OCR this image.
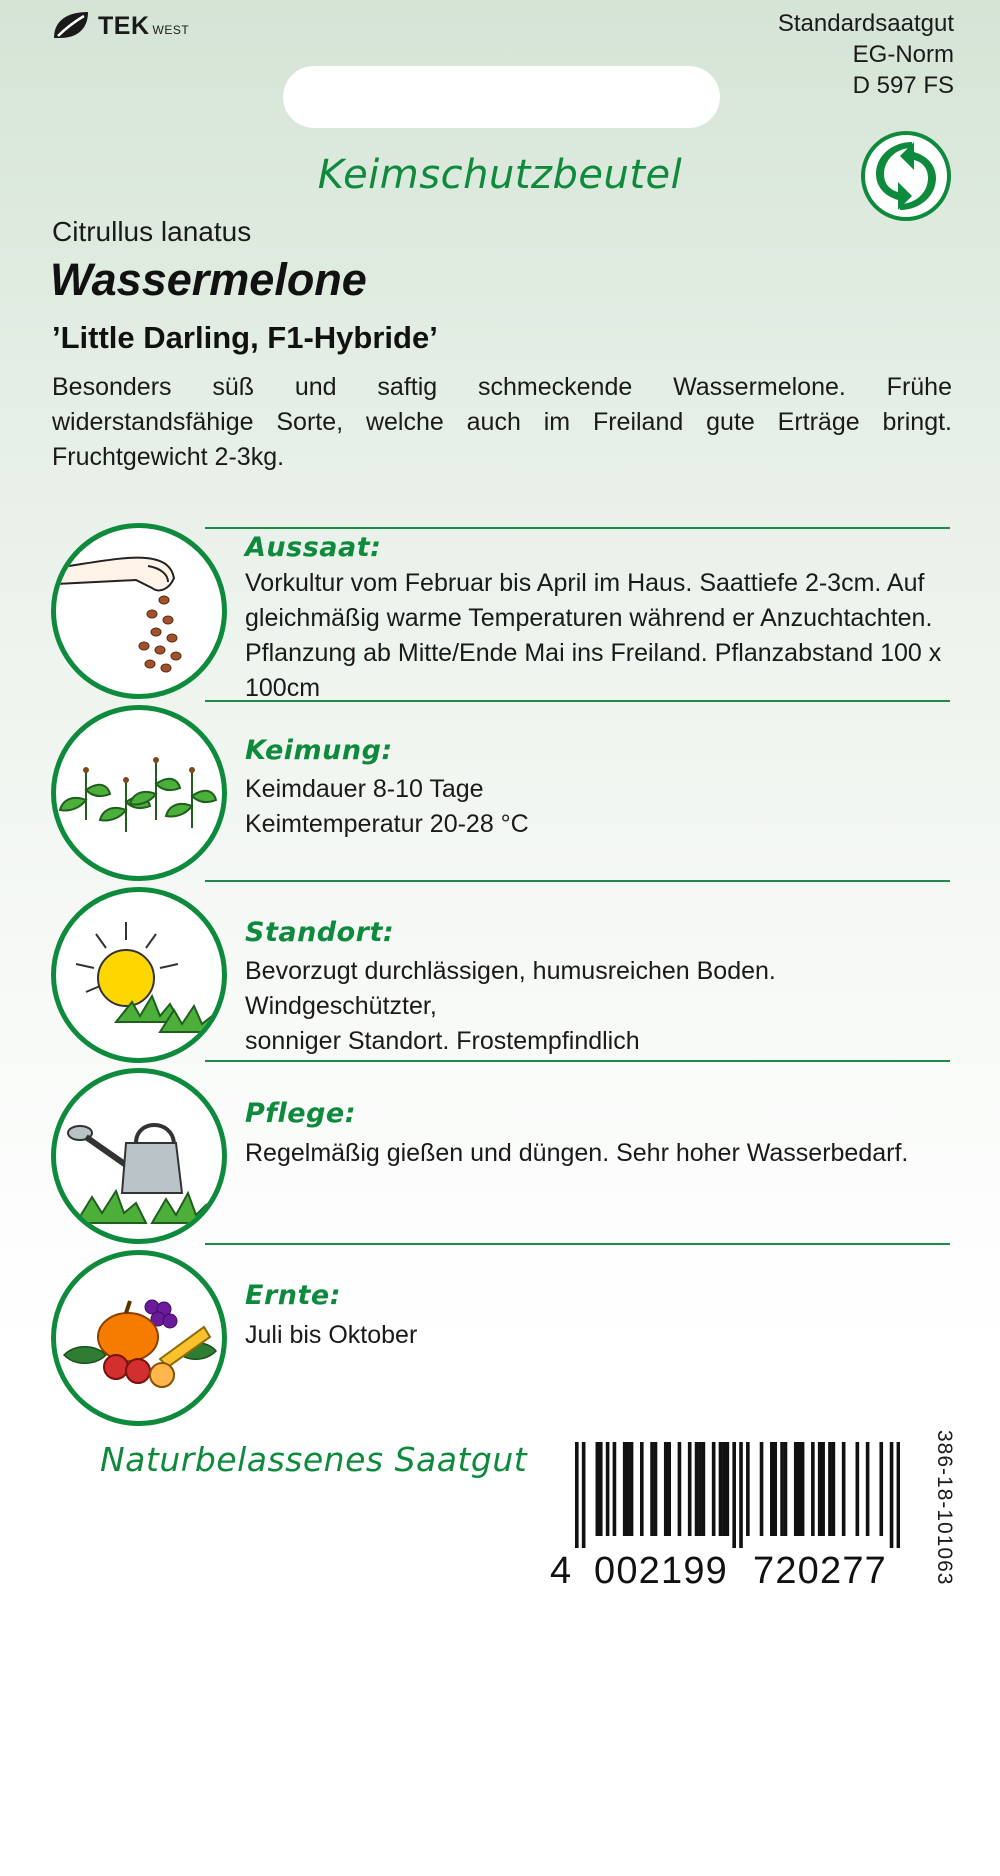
TEK WEST	Standardsaatgut
EG-Norm
D 597 FS
Keimschutzbeutel
Citrullus lanatus
Wassermelone
’Little Darling, F1-Hybride’
Besonders süß und saftig schmeckende Wassermelone. Frühe widerstandsfähige Sorte, welche auch im Freiland gute Erträge bringt. Fruchtgewicht 2-3kg.
Aussaat:
Vorkultur vom Februar bis April im Haus. Saattiefe 2-3cm. Auf
gleichmäßig warme Temperaturen während er Anzuchtachten.
Pflanzung ab Mitte/Ende Mai ins Freiland. Pflanzabstand 100 x
100cm
Keimung:
Keimdauer 8-10 Tage
Keimtemperatur 20-28 °C
Standort:
Bevorzugt durchlässigen, humusreichen Boden. Windgeschützter,
sonniger Standort. Frostempfindlich
Pflege:
Regelmäßig gießen und düngen. Sehr hoher Wasserbedarf.
Ernte:
Juli bis Oktober
Naturbelassenes Saatgut
4 002199 720277	386-18-101063
